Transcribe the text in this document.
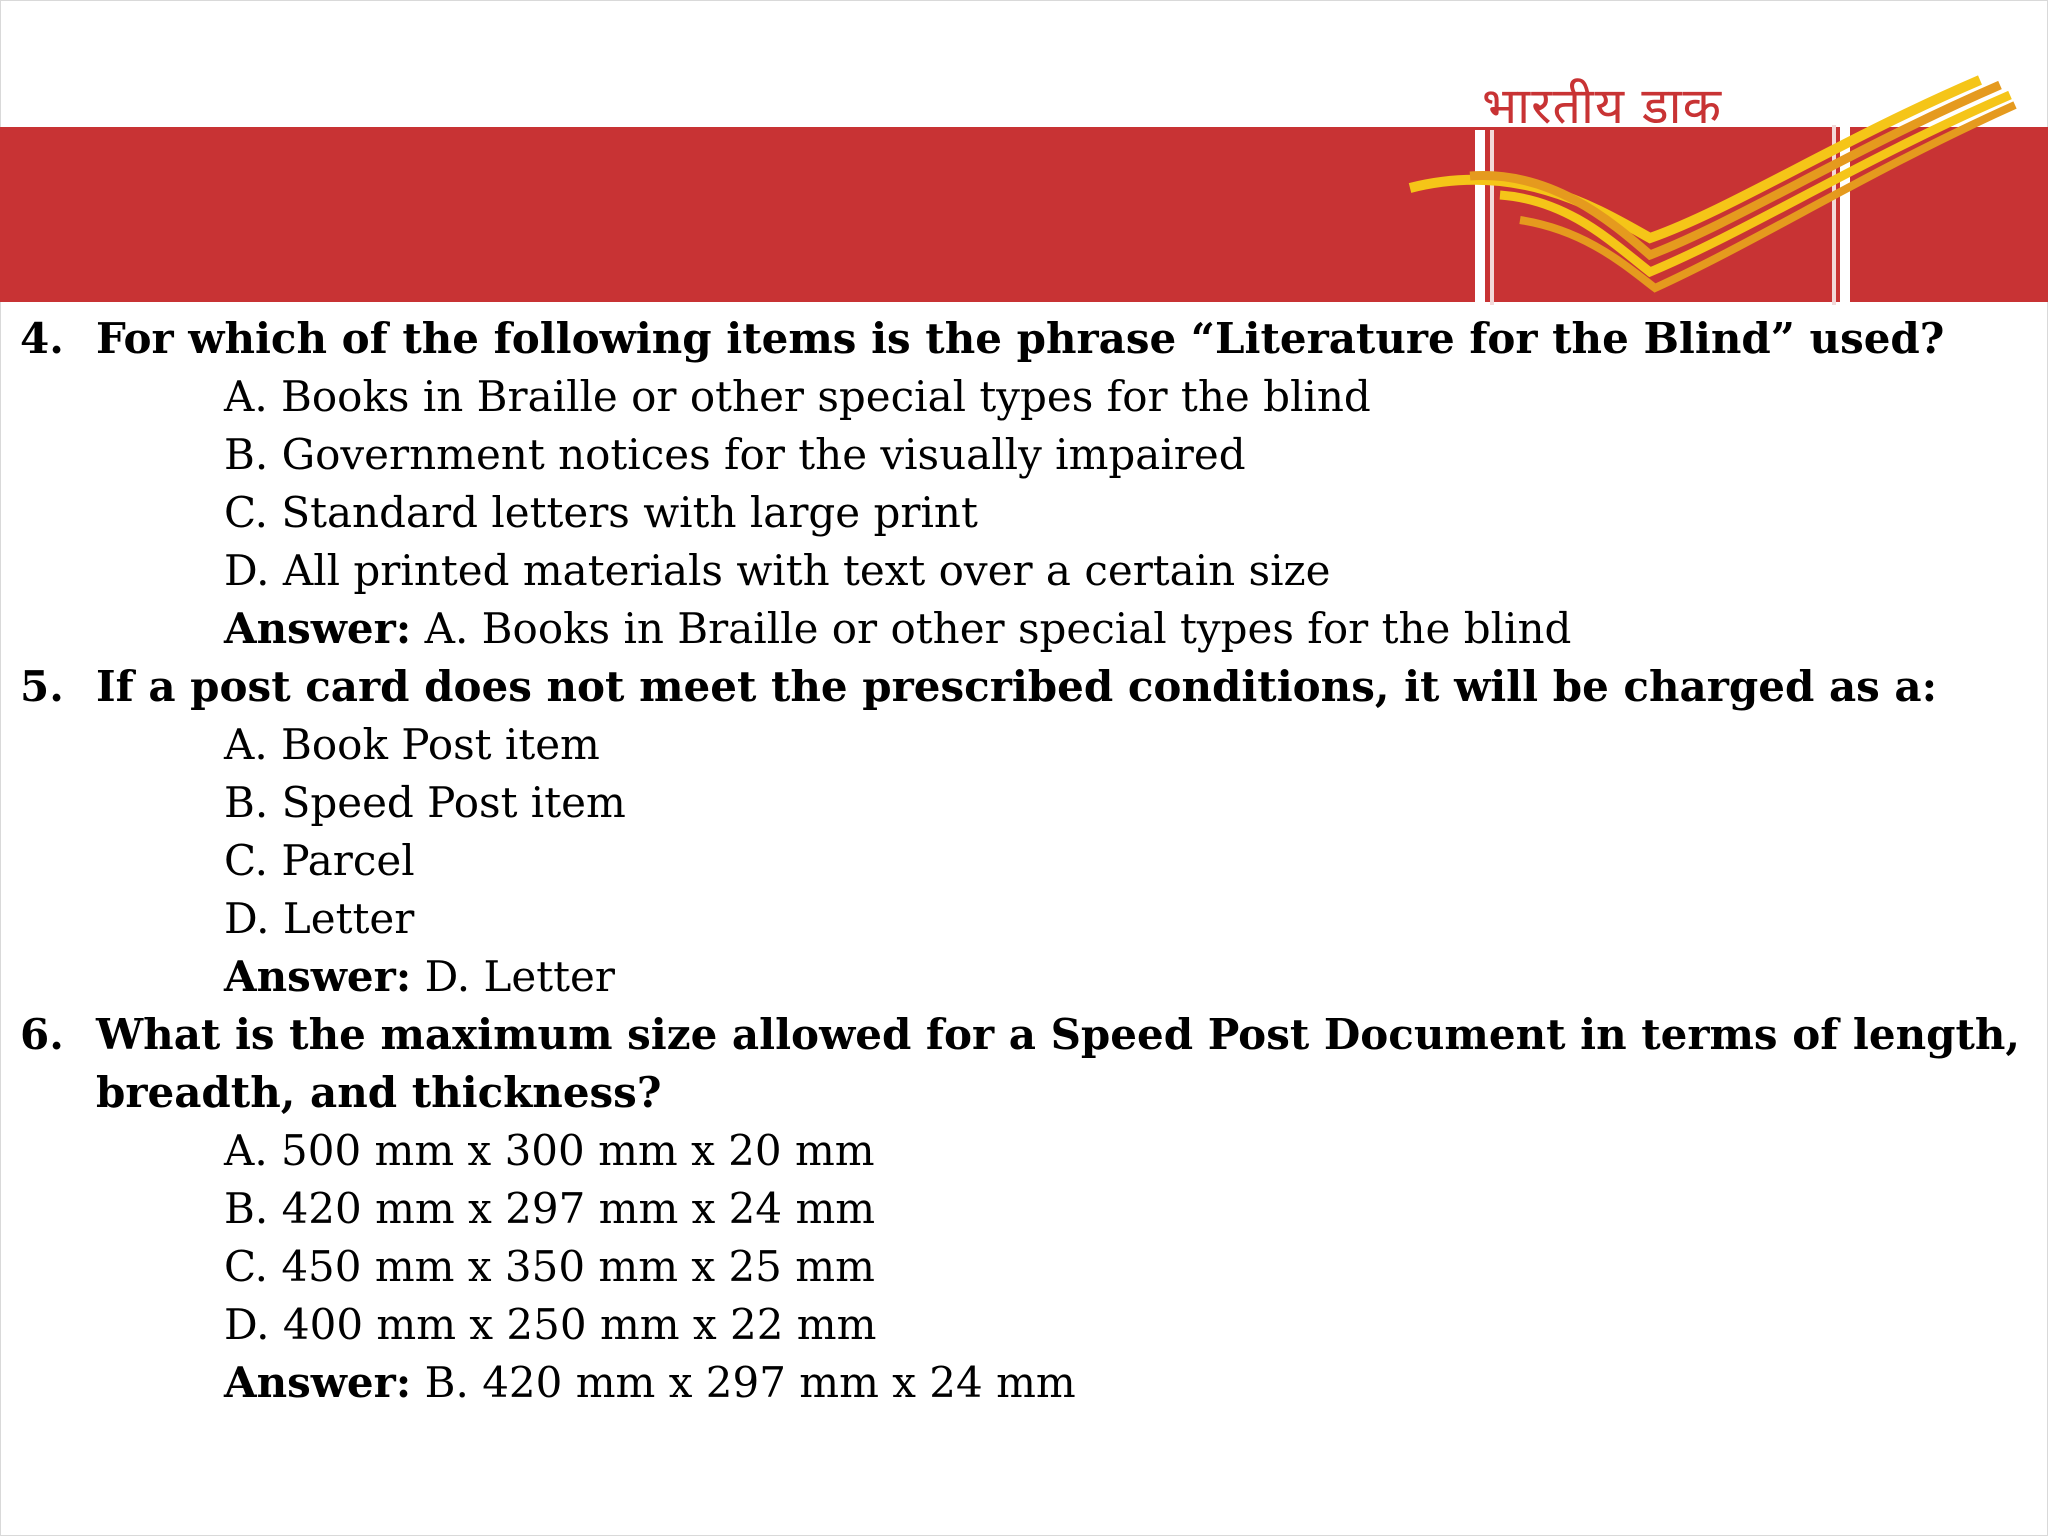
भारतीय डाक
4. For which of the following items is the phrase “Literature for the Blind” used?
A. Books in Braille or other special types for the blind
B. Government notices for the visually impaired
C. Standard letters with large print
D. All printed materials with text over a certain size
Answer: A. Books in Braille or other special types for the blind
5. If a post card does not meet the prescribed conditions, it will be charged as a:
A. Book Post item
B. Speed Post item
C. Parcel
D. Letter
Answer: D. Letter
6. What is the maximum size allowed for a Speed Post Document in terms of length, breadth, and thickness?
A. 500 mm x 300 mm x 20 mm
B. 420 mm x 297 mm x 24 mm
C. 450 mm x 350 mm x 25 mm
D. 400 mm x 250 mm x 22 mm
Answer: B. 420 mm x 297 mm x 24 mm
